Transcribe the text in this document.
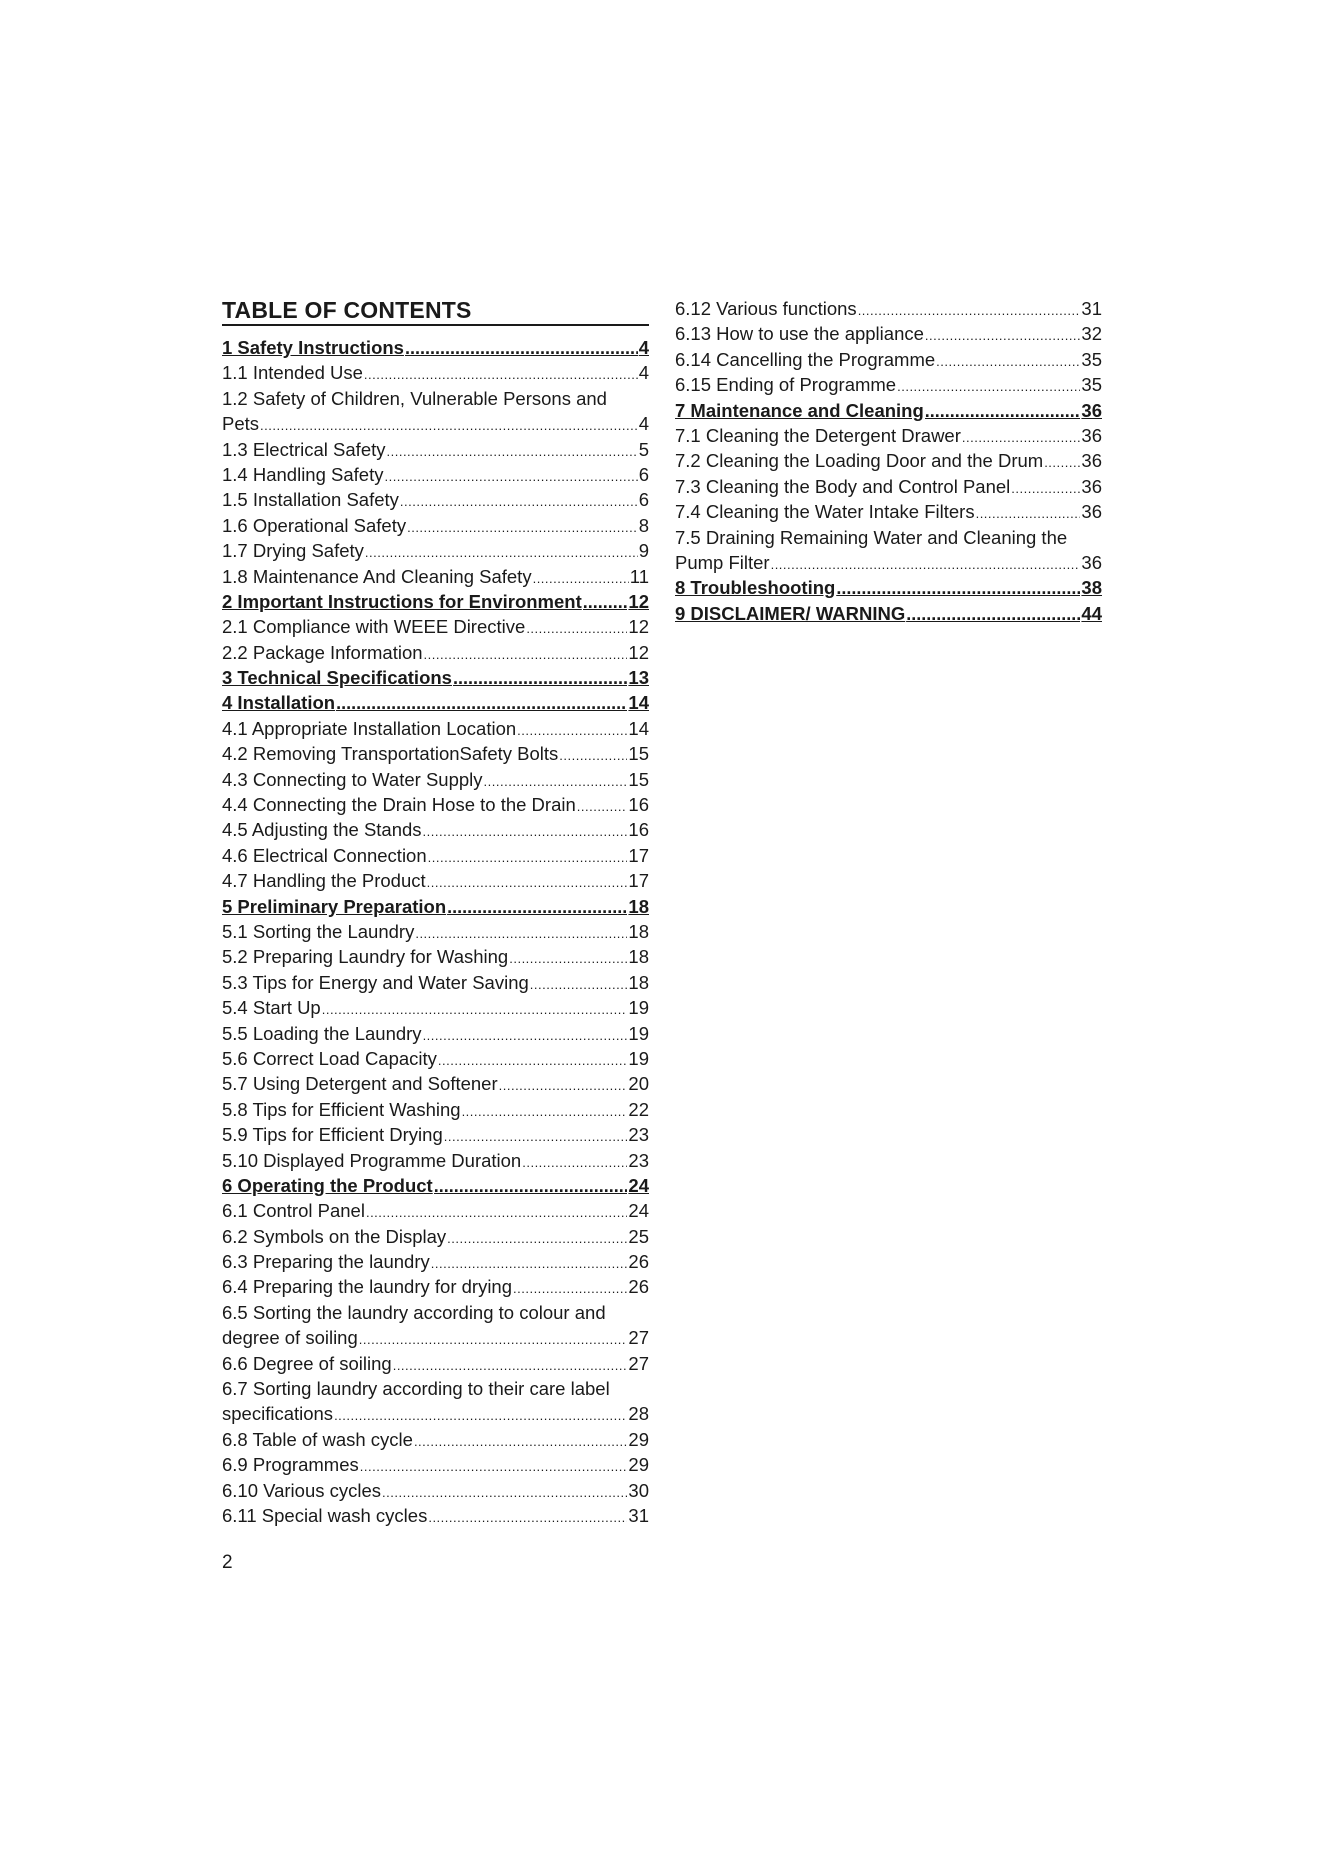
TABLE OF CONTENTS
1 Safety Instructions .....	4
1.1 Intended Use .....	4
1.2 Safety of Children, Vulnerable Persons and
Pets .....	4
1.3 Electrical Safety .....	5
1.4 Handling Safety .....	6
1.5 Installation Safety .....	6
1.6 Operational Safety .....	8
1.7 Drying Safety .....	9
1.8 Maintenance And Cleaning Safety .....	11
2 Important Instructions for Environment .....	12
2.1 Compliance with WEEE Directive .....	12
2.2 Package Information .....	12
3 Technical Specifications .....	13
4 Installation .....	14
4.1 Appropriate Installation Location .....	14
4.2 Removing TransportationSafety Bolts .....	15
4.3 Connecting to Water Supply .....	15
4.4 Connecting the Drain Hose to the Drain .....	16
4.5 Adjusting the Stands .....	16
4.6 Electrical Connection .....	17
4.7 Handling the Product .....	17
5 Preliminary Preparation .....	18
5.1 Sorting the Laundry .....	18
5.2 Preparing Laundry for Washing .....	18
5.3 Tips for Energy and Water Saving .....	18
5.4 Start Up .....	19
5.5 Loading the Laundry .....	19
5.6 Correct Load Capacity .....	19
5.7 Using Detergent and Softener .....	20
5.8 Tips for Efficient Washing .....	22
5.9 Tips for Efficient Drying .....	23
5.10 Displayed Programme Duration .....	23
6 Operating the Product .....	24
6.1 Control Panel .....	24
6.2 Symbols on the Display .....	25
6.3 Preparing the laundry .....	26
6.4 Preparing the laundry for drying .....	26
6.5 Sorting the laundry according to colour and
degree of soiling .....	27
6.6 Degree of soiling .....	27
6.7 Sorting laundry according to their care label
specifications .....	28
6.8 Table of wash cycle .....	29
6.9 Programmes .....	29
6.10 Various cycles .....	30
6.11 Special wash cycles .....	31
6.12 Various functions .....	31
6.13 How to use the appliance .....	32
6.14 Cancelling the Programme .....	35
6.15 Ending of Programme .....	35
7 Maintenance and Cleaning .....	36
7.1 Cleaning the Detergent Drawer .....	36
7.2 Cleaning the Loading Door and the Drum ..... 36
7.3 Cleaning the Body and Control Panel .....	36
7.4 Cleaning the Water Intake Filters .....	36
7.5 Draining Remaining Water and Cleaning the
Pump Filter .....	36
8 Troubleshooting .....	38
9 DISCLAIMER/ WARNING .....	44
2
